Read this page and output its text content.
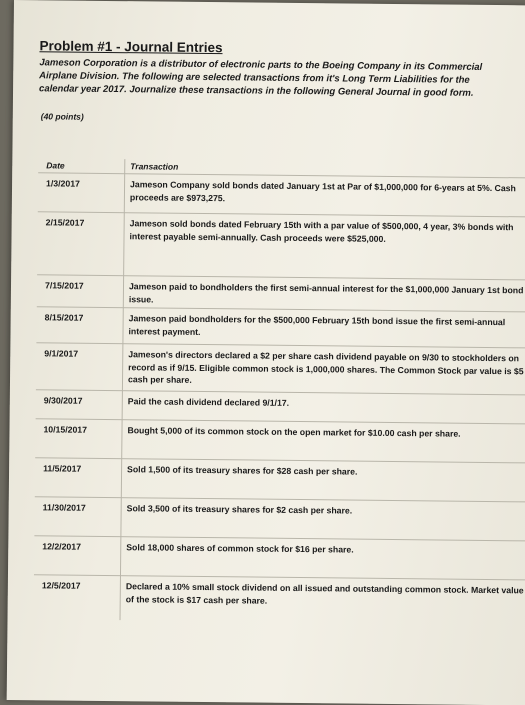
Problem #1 - Journal Entries
Jameson Corporation is a distributor of electronic parts to the Boeing Company in its Commercial Airplane Division. The following are selected transactions from it's Long Term Liabilities for the calendar year 2017. Journalize these transactions in the following General Journal in good form.
(40 points)
Date	Transaction
1/3/2017	Jameson Company sold bonds dated January 1st at Par of $1,000,000 for 6-years at 5%. Cash proceeds are $973,275.
2/15/2017	Jameson sold bonds dated February 15th with a par value of $500,000, 4 year, 3% bonds with interest payable semi-annually. Cash proceeds were $525,000.
7/15/2017	Jameson paid to bondholders the first semi-annual interest for the $1,000,000 January 1st bond issue.
8/15/2017	Jameson paid bondholders for the $500,000 February 15th bond issue the first semi-annual interest payment.
9/1/2017	Jameson's directors declared a $2 per share cash dividend payable on 9/30 to stockholders on record as if 9/15. Eligible common stock is 1,000,000 shares. The Common Stock par value is $5 cash per share.
9/30/2017	Paid the cash dividend declared 9/1/17.
10/15/2017	Bought 5,000 of its common stock on the open market for $10.00 cash per share.
11/5/2017	Sold 1,500 of its treasury shares for $28 cash per share.
11/30/2017	Sold 3,500 of its treasury shares for $2 cash per share.
12/2/2017	Sold 18,000 shares of common stock for $16 per share.
12/5/2017	Declared a 10% small stock dividend on all issued and outstanding common stock. Market value of the stock is $17 cash per share.
